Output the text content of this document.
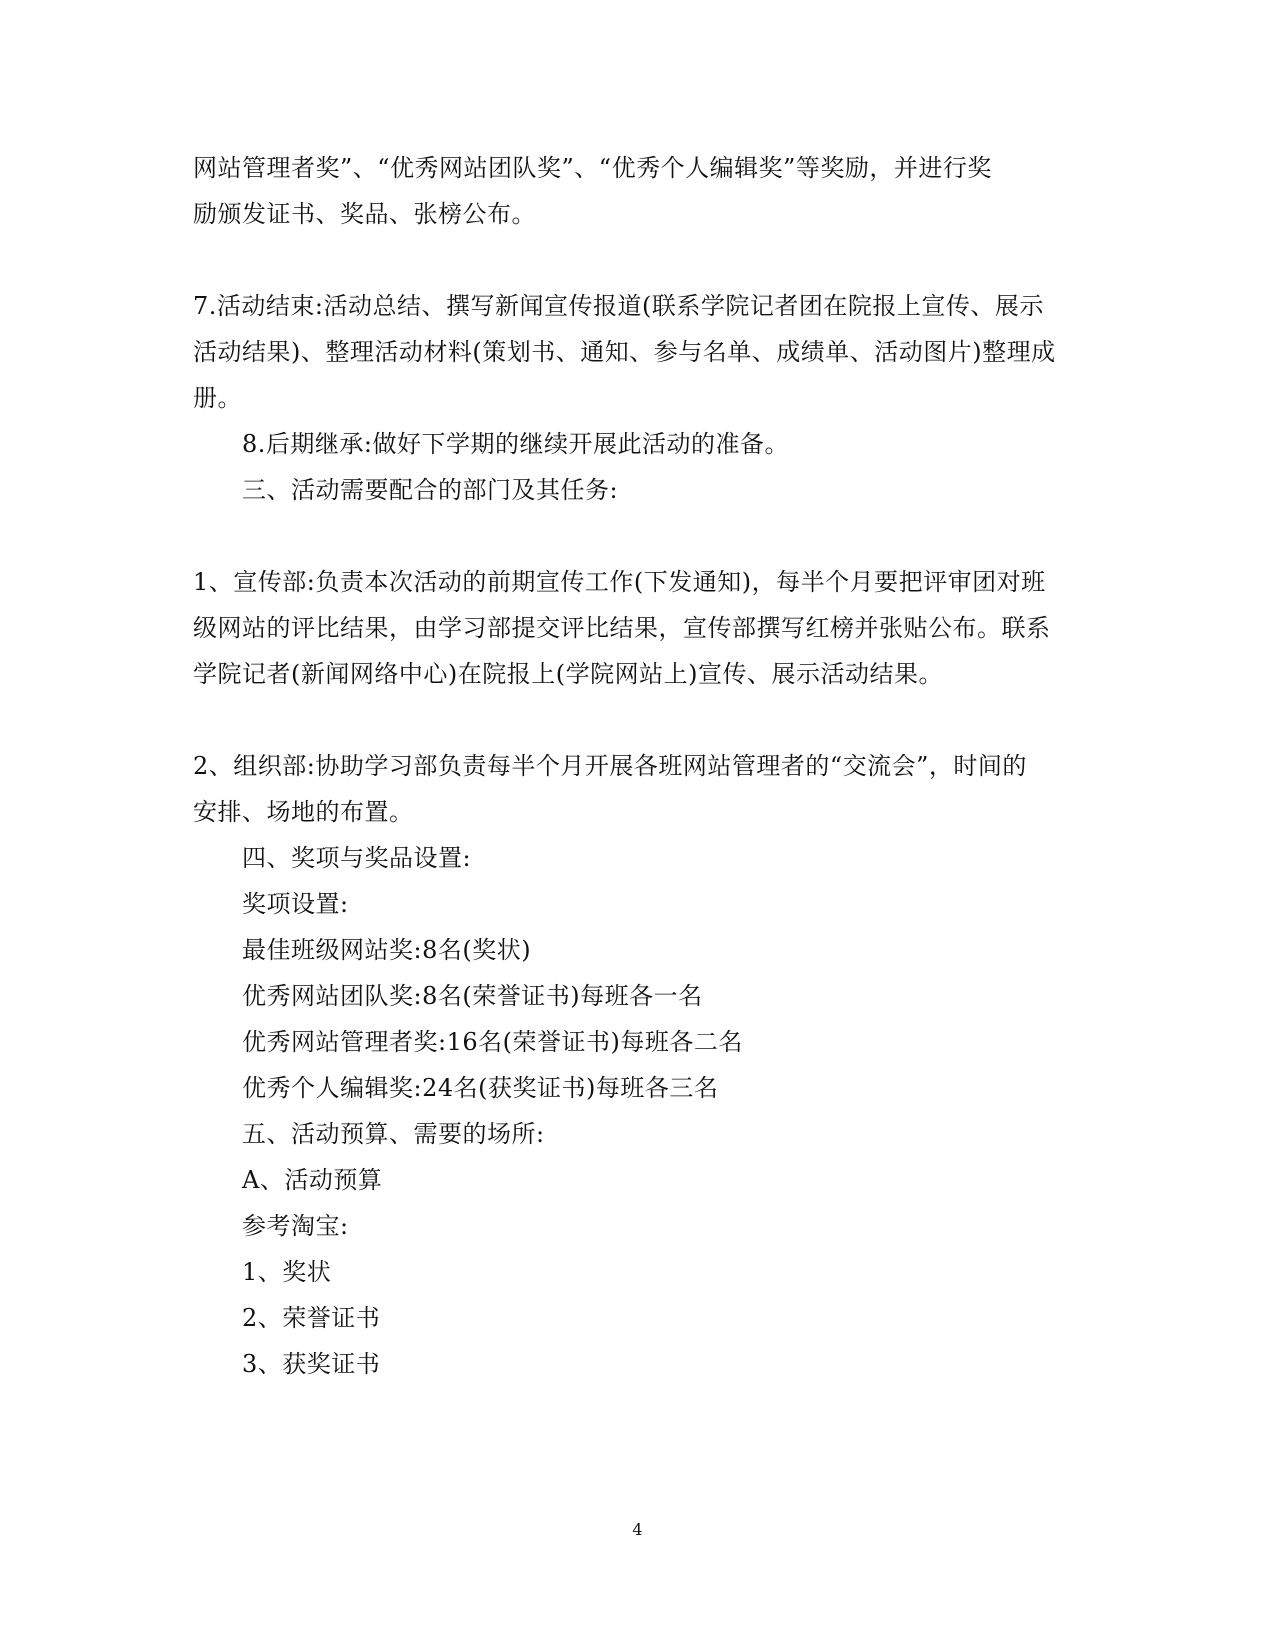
网站管理者奖”、“优秀网站团队奖”、“优秀个人编辑奖”等奖励，并进行奖
励颁发证书、奖品、张榜公布。
7.活动结束:活动总结、撰写新闻宣传报道(联系学院记者团在院报上宣传、展示
活动结果)、整理活动材料(策划书、通知、参与名单、成绩单、活动图片)整理成
册。
8.后期继承:做好下学期的继续开展此活动的准备。
三、活动需要配合的部门及其任务:
1、宣传部:负责本次活动的前期宣传工作(下发通知)，每半个月要把评审团对班
级网站的评比结果，由学习部提交评比结果，宣传部撰写红榜并张贴公布。联系
学院记者(新闻网络中心)在院报上(学院网站上)宣传、展示活动结果。
2、组织部:协助学习部负责每半个月开展各班网站管理者的“交流会”，时间的
安排、场地的布置。
四、奖项与奖品设置:
奖项设置:
最佳班级网站奖:8名(奖状)
优秀网站团队奖:8名(荣誉证书)每班各一名
优秀网站管理者奖:16名(荣誉证书)每班各二名
优秀个人编辑奖:24名(获奖证书)每班各三名
五、活动预算、需要的场所:
A、活动预算
参考淘宝:
1、奖状
2、荣誉证书
3、获奖证书
4
